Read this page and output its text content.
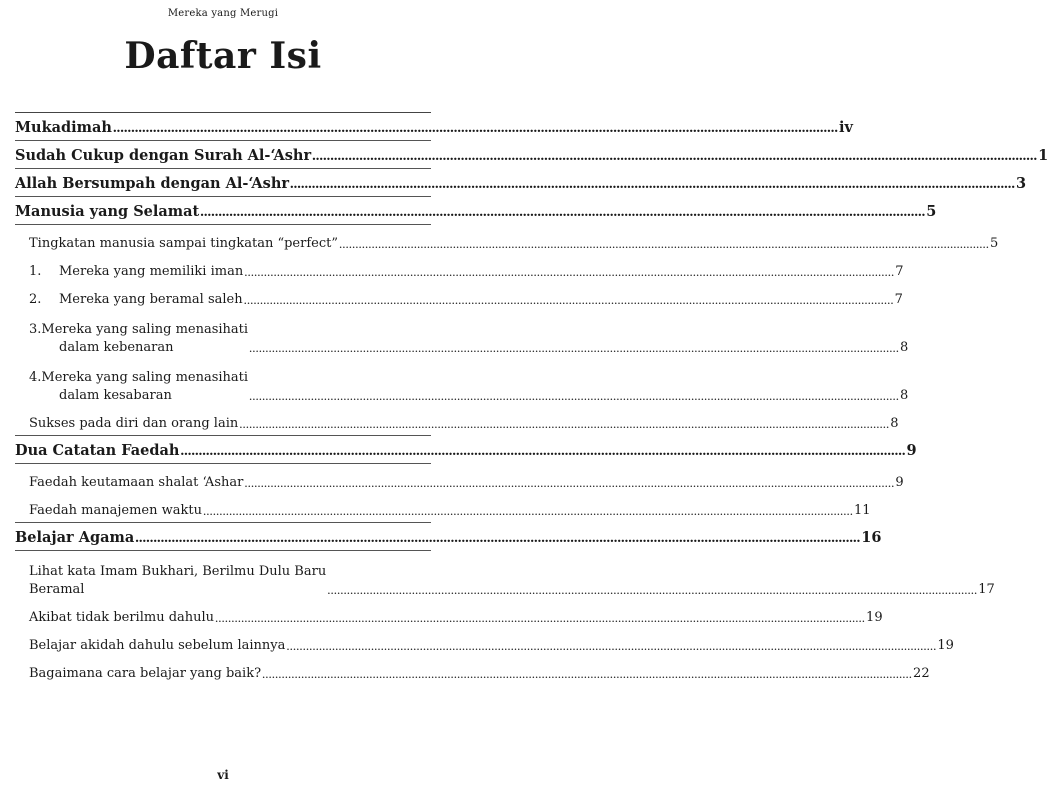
Mereka yang Merugi
Daftar Isi
Mukadimah ........................................................................................................................................................................................................ iv
Sudah Cukup dengan Surah Al-‘Ashr ........................................................................................................................................................................................................ 1
Allah Bersumpah dengan Al-‘Ashr ........................................................................................................................................................................................................ 3
Manusia yang Selamat ........................................................................................................................................................................................................ 5
Tingkatan manusia sampai tingkatan “perfect” ........................................................................................................................................................................................................ 5
1. Mereka yang memiliki iman ........................................................................................................................................................................................................ 7
2. Mereka yang beramal saleh ........................................................................................................................................................................................................ 7
3.Mereka yang saling menasihati
dalam kebenaran	........................................................................................................................................................................................................ 8
4.Mereka yang saling menasihati
dalam kesabaran	........................................................................................................................................................................................................ 8
Sukses pada diri dan orang lain ........................................................................................................................................................................................................ 8
Dua Catatan Faedah ........................................................................................................................................................................................................ 9
Faedah keutamaan shalat ‘Ashar ........................................................................................................................................................................................................ 9
Faedah manajemen waktu ........................................................................................................................................................................................................ 11
Belajar Agama ........................................................................................................................................................................................................ 16
Lihat kata Imam Bukhari, Berilmu Dulu Baru
Beramal	........................................................................................................................................................................................................ 17
Akibat tidak berilmu dahulu ........................................................................................................................................................................................................ 19
Belajar akidah dahulu sebelum lainnya ........................................................................................................................................................................................................ 19
Bagaimana cara belajar yang baik? ........................................................................................................................................................................................................ 22
vi
